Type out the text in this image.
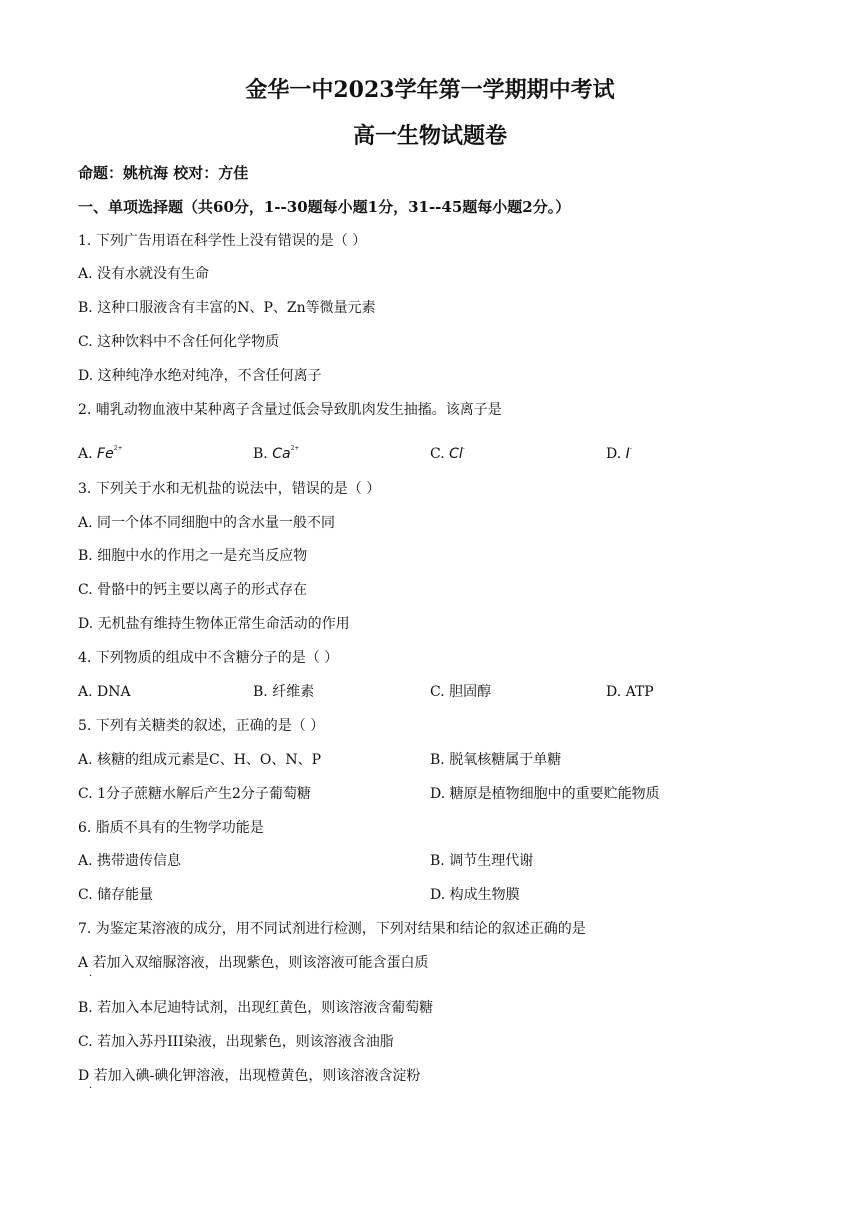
金华一中2023学年第一学期期中考试
高一生物试题卷
命题：姚杭海 校对：方佳
一、单项选择题（共60分，1--30题每小题1分，31--45题每小题2分。）
1. 下列广告用语在科学性上没有错误的是（ ）
A. 没有水就没有生命
B. 这种口服液含有丰富的N、P、Zn等微量元素
C. 这种饮料中不含任何化学物质
D. 这种纯净水绝对纯净，不含任何离子
2. 哺乳动物血液中某种离子含量过低会导致肌肉发生抽搐。该离子是
A. $Fe^{2+}$	B. $Ca^{2+}$	C. Cl-	D. I-
3. 下列关于水和无机盐的说法中，错误的是（ ）
A. 同一个体不同细胞中的含水量一般不同
B. 细胞中水的作用之一是充当反应物
C. 骨骼中的钙主要以离子的形式存在
D. 无机盐有维持生物体正常生命活动的作用
4. 下列物质的组成中不含糖分子的是（ ）
A. DNA	B. 纤维素	C. 胆固醇	D. ATP
5. 下列有关糖类的叙述，正确的是（ ）
A. 核糖的组成元素是C、H、O、N、P	B. 脱氧核糖属于单糖
C. 1分子蔗糖水解后产生2分子葡萄糖	D. 糖原是植物细胞中的重要贮能物质
6. 脂质不具有的生物学功能是
A. 携带遗传信息	B. 调节生理代谢
C. 储存能量	D. 构成生物膜
7. 为鉴定某溶液的成分，用不同试剂进行检测，下列对结果和结论的叙述正确的是
A 若加入双缩脲溶液，出现紫色，则该溶液可能含蛋白质
·
B. 若加入本尼迪特试剂，出现红黄色，则该溶液含葡萄糖
C. 若加入苏丹III染液，出现紫色，则该溶液含油脂
D 若加入碘-碘化钾溶液，出现橙黄色，则该溶液含淀粉
·
